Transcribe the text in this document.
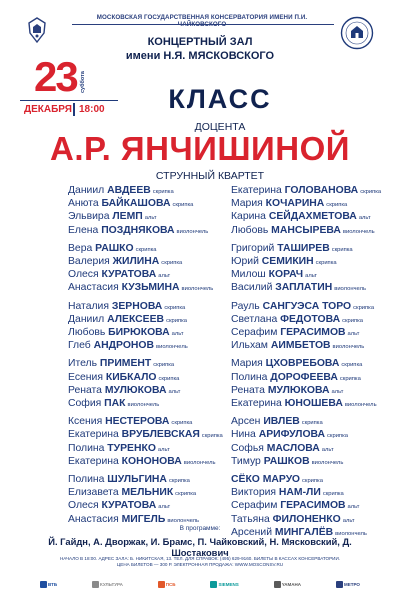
МОСКОВСКАЯ ГОСУДАРСТВЕННАЯ КОНСЕРВАТОРИЯ ИМЕНИ П.И.
КОНЦЕРТНЫЙ ЗАЛ
имени Н.Я. МЯСКОВСКОГО
23 суббота
ДЕКАБРЯ 18:00	КЛАСС
ДОЦЕНТА
А.Р. ЯНЧИШИНОЙ
СТРУННЫЙ КВАРТЕТ
Даниил АВДЕЕВ скрипка
Анюта БАЙКАШОВА скрипка
Эльвира ЛЕМП альт
Елена ПОЗДНЯКОВА виолончель
Вера РАШКО скрипка
Валерия ЖИЛИНА скрипка
Олеся КУРАТОВА альт
Анастасия КУЗЬМИНА виолончель
Наталия ЗЕРНОВА скрипка
Даниил АЛЕКСЕЕВ скрипка
Любовь БИРЮКОВА альт
Глеб АНДРОНОВ виолончель
Итель ПРИМЕНТ скрипка
Есения КИБКАЛО скрипка
Рената МУЛЮКОВА альт
София ПАК виолончель
Ксения НЕСТЕРОВА скрипка
Екатерина ВРУБЛЕВСКАЯ скрипка
Полина ТУРЕНКО альт
Екатерина КОНОНОВА виолончель
Полина ШУЛЬГИНА скрипка
Елизавета МЕЛЬНИК скрипка
Олеся КУРАТОВА альт
Анастасия МИГЕЛЬ виолончель
Екатерина ГОЛОВАНОВА скрипка
Мария КОЧАРИНА скрипка
Карина СЕЙДАХМЕТОВА альт
Любовь МАНСЫРЕВА виолончель
Григорий ТАШИРЕВ скрипка
Юрий СЕМИКИН скрипка
Милош КОРАЧ альт
Василий ЗАПЛАТИН виолончель
Рауль САНГУЭСА ТОРО скрипка
Светлана ФЕДОТОВА скрипка
Серафим ГЕРАСИМОВ альт
Ильхам АИМБЕТОВ виолончель
Мария ЦХОВРЕБОВА скрипка
Полина ДОРОФЕЕВА скрипка
Рената МУЛЮКОВА альт
Екатерина ЮНОШЕВА виолончель
Арсен ИВЛЕВ скрипка
Нина АРИФУЛОВА скрипка
Софья МАСЛОВА альт
Тимур РАШКОВ виолончель
СЁКО МАРУО скрипка
Виктория НАМ-ЛИ скрипка
Серафим ГЕРАСИМОВ альт
Татьяна ФИЛОНЕНКО альт
Арсений МИНГАЛЁВ виолончель
В программе:
Й. Гайдн, А. Дворжак, И. Брамс, П. Чайковский, Н. Мясковский, Д. Шостакович
НАЧАЛО В 18:00. АДРЕС ЗАЛА: Б. НИКИТСКАЯ, 13. ТЕЛ. ДЛЯ СПРАВОК: (495) 629-9160. БИЛЕТЫ В КАССАХ КОНСЕРВАТОРИИ.
ЦЕНА БИЛЕТОВ — 300 Р. ЭЛЕКТРОННАЯ ПРОДАЖА: WWW.MOSCONSV.RU
ВТБ	КУЛЬТУРА	ПСБ	SIEMENS	YAMAHA	МЕТРО
